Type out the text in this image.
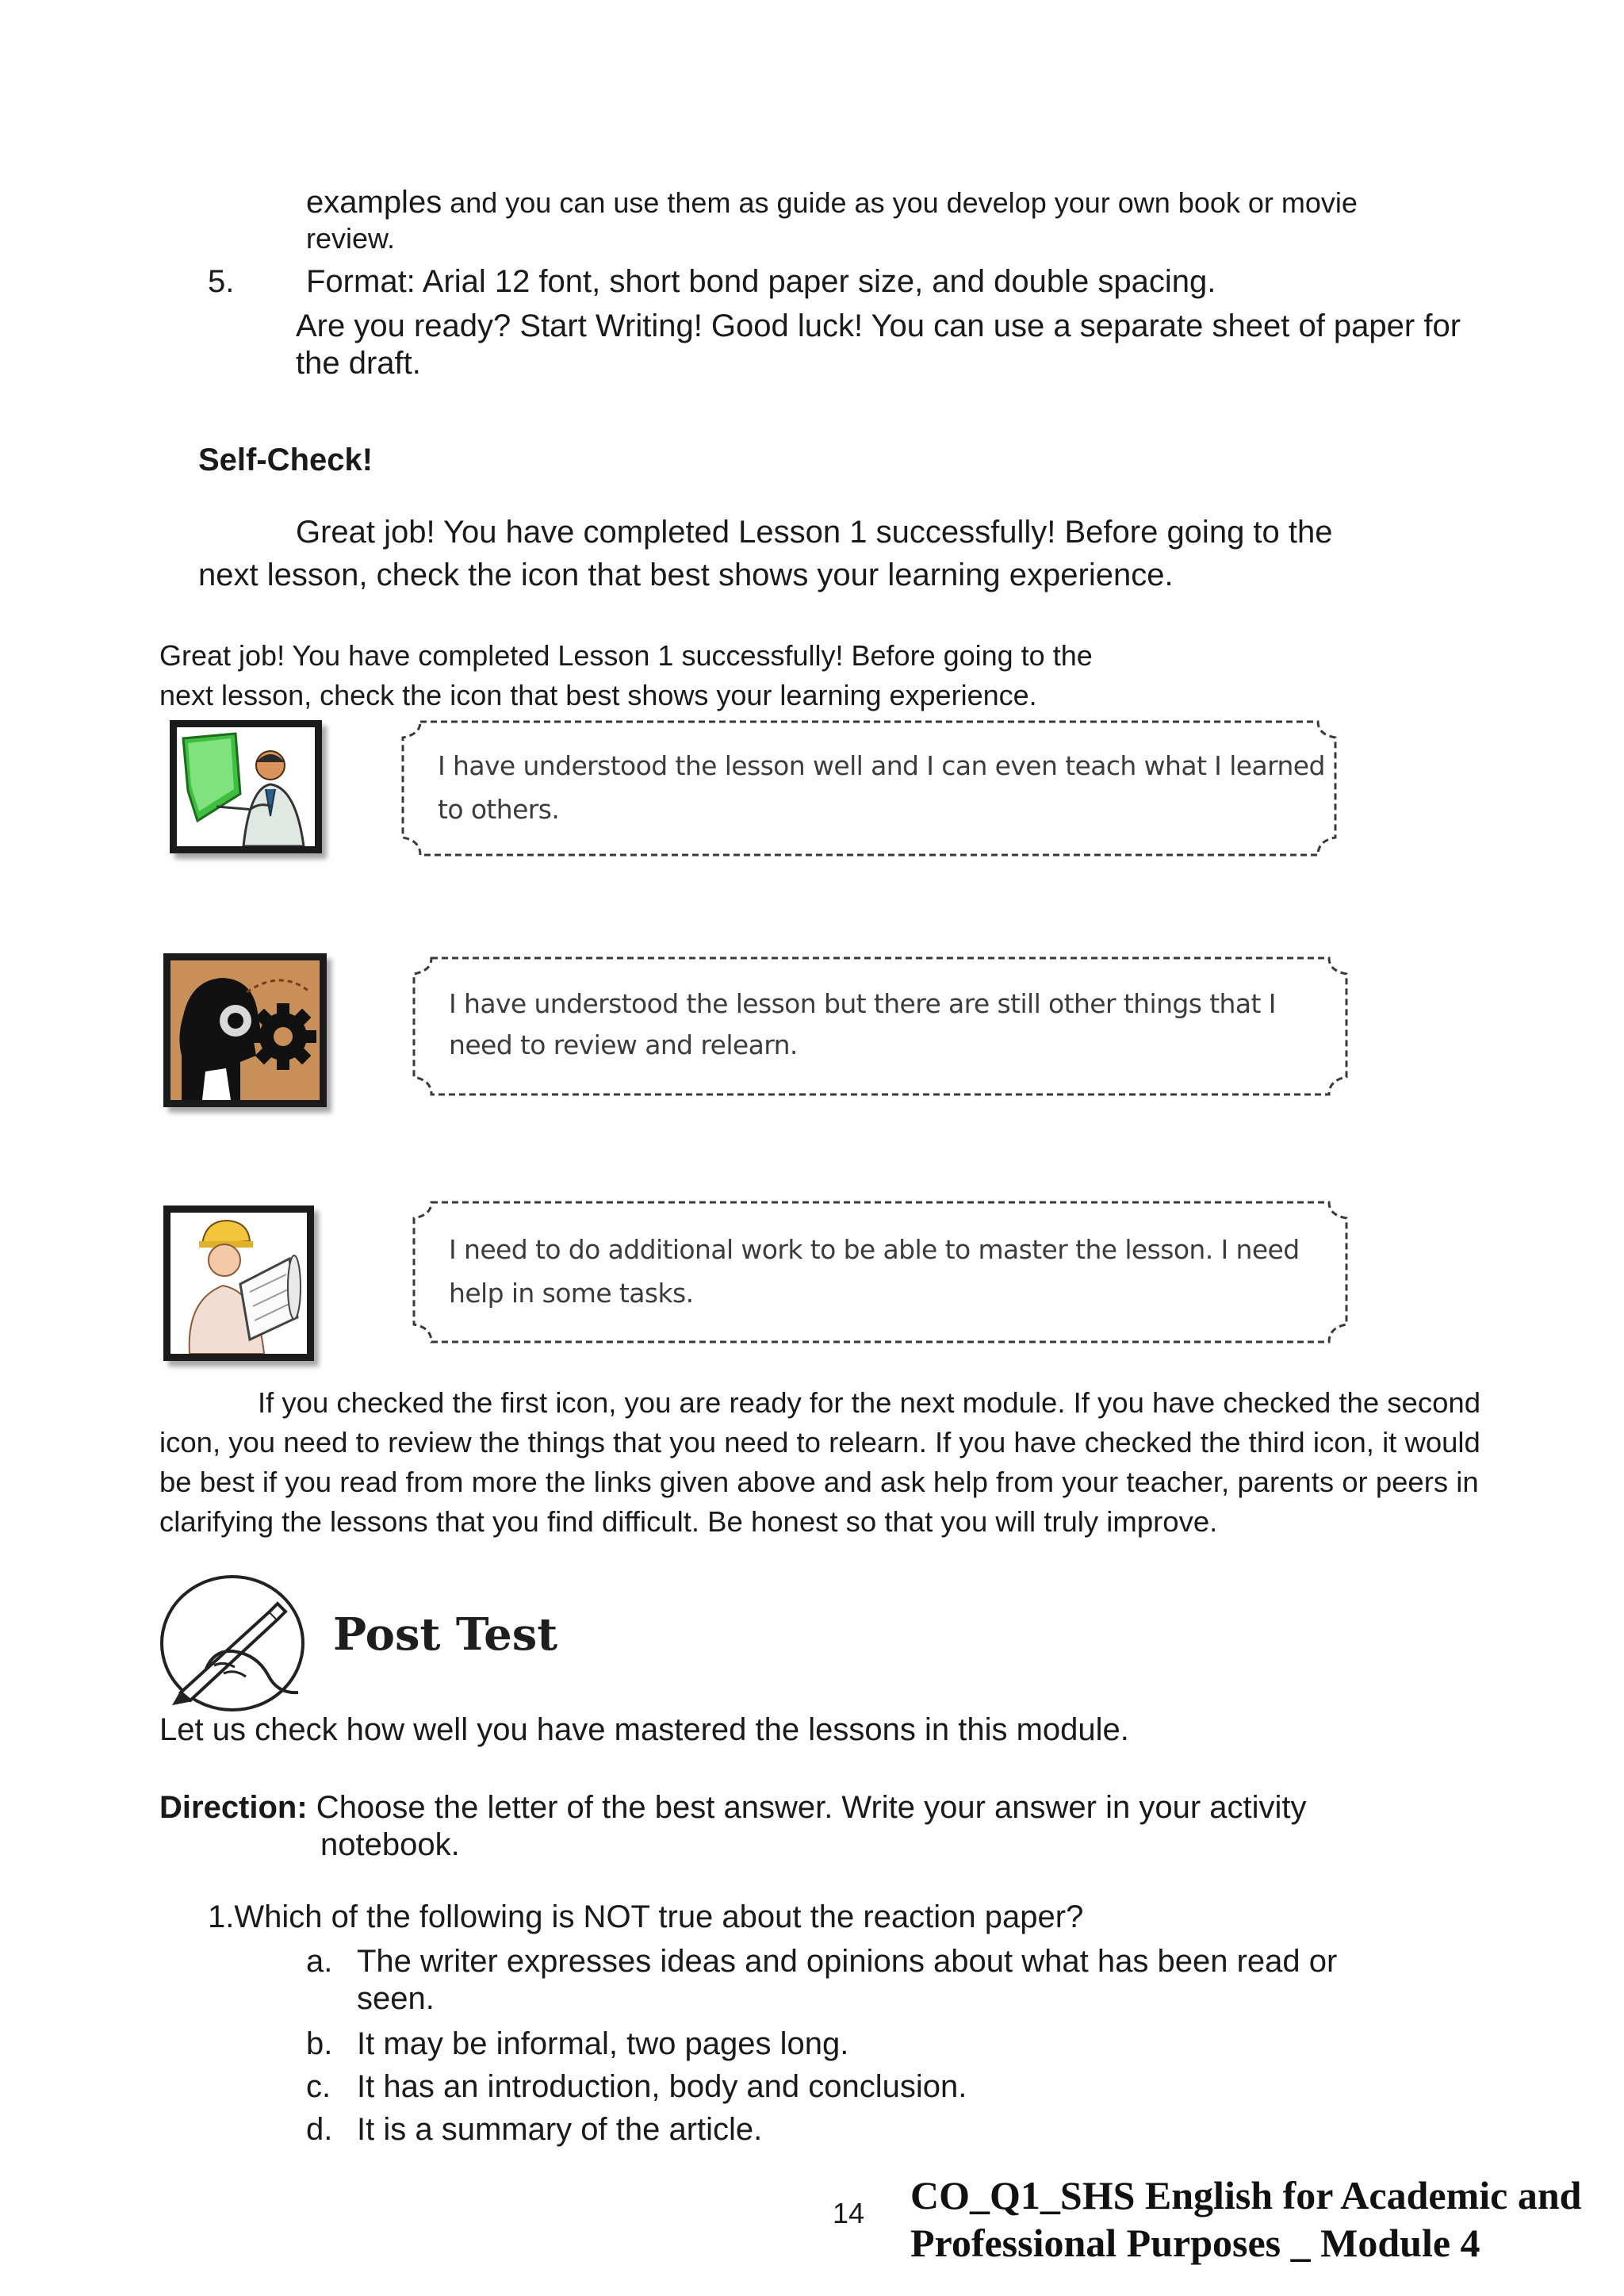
examples and you can use them as guide as you develop your own book or movie
review.
5. Format: Arial 12 font, short bond paper size, and double spacing.
Are you ready? Start Writing! Good luck! You can use a separate sheet of paper for
the draft.
Self-Check!
Great job! You have completed Lesson 1 successfully! Before going to the
next lesson, check the icon that best shows your learning experience.
Great job! You have completed Lesson 1 successfully! Before going to the
next lesson, check the icon that best shows your learning experience.
I have understood the lesson well and I can even teach what I learned
to others.
I have understood the lesson but there are still other things that I
need to review and relearn.
I need to do additional work to be able to master the lesson. I need
help in some tasks.
If you checked the first icon, you are ready for the next module. If you have checked the second
icon, you need to review the things that you need to relearn. If you have checked the third icon, it would
be best if you read from more the links given above and ask help from your teacher, parents or peers in
clarifying the lessons that you find difficult. Be honest so that you will truly improve.
Post Test
Let us check how well you have mastered the lessons in this module.
Direction: Choose the letter of the best answer. Write your answer in your activity
notebook.
1.Which of the following is NOT true about the reaction paper?
a. The writer expresses ideas and opinions about what has been read or
seen.
b. It may be informal, two pages long.
c. It has an introduction, body and conclusion.
d. It is a summary of the article.
14 CO_Q1_SHS English for Academic and
Professional Purposes _ Module 4
